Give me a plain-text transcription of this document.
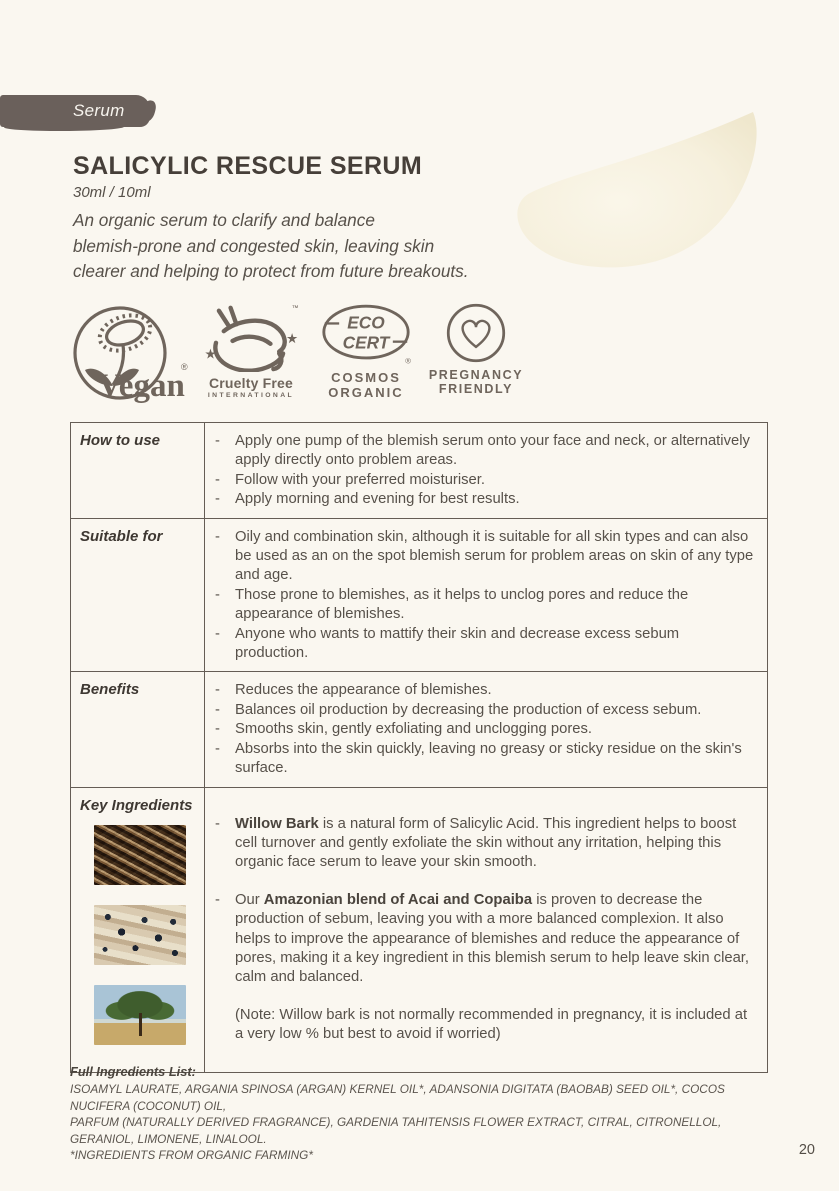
Serum
SALICYLIC RESCUE SERUM
30ml / 10ml
An organic serum to clarify and balance
blemish-prone and congested skin, leaving skin
clearer and helping to protect from future breakouts.
Vegan
®
★
★
™
Cruelty Free
INTERNATIONAL
ECO
CERT
®
COSMOS
ORGANIC
PREGNANCY
FRIENDLY
How to use	-	Apply one pump of the blemish serum onto your face and neck, or alternatively apply directly onto problem areas.
-	Follow with your preferred moisturiser.
-	Apply morning and evening for best results.
Suitable for	-	Oily and combination skin, although it is suitable for all skin types and can also be used as an on the spot blemish serum for problem areas on skin of any type and age.
-	Those prone to blemishes, as it helps to unclog pores and reduce the appearance of blemishes.
-	Anyone who wants to mattify their skin and decrease excess sebum production.
Benefits	-	Reduces the appearance of blemishes.
-	Balances oil production by decreasing the production of excess sebum.
-	Smooths skin, gently exfoliating and unclogging pores.
-	Absorbs into the skin quickly, leaving no greasy or sticky residue on the skin's surface.
Key Ingredients
-	Willow Bark is a natural form of Salicylic Acid. This ingredient helps to boost cell turnover and gently exfoliate the skin without any irritation, helping this organic face serum to leave your skin smooth.
-	Our Amazonian blend of Acai and Copaiba is proven to decrease the production of sebum, leaving you with a more balanced complexion. It also helps to improve the appearance of blemishes and reduce the appearance of pores, making it a key ingredient in this blemish serum to help leave skin clear, calm and balanced.
(Note: Willow bark is not normally recommended in pregnancy, it is included at a very low % but best to avoid if worried)
Full Ingredients List:
ISOAMYL LAURATE, ARGANIA SPINOSA (ARGAN) KERNEL OIL*, ADANSONIA DIGITATA (BAOBAB) SEED OIL*, COCOS NUCIFERA (COCONUT) OIL,
PARFUM (NATURALLY DERIVED FRAGRANCE), GARDENIA TAHITENSIS FLOWER EXTRACT, CITRAL, CITRONELLOL, GERANIOL, LIMONENE, LINALOOL.
*INGREDIENTS FROM ORGANIC FARMING*	20
